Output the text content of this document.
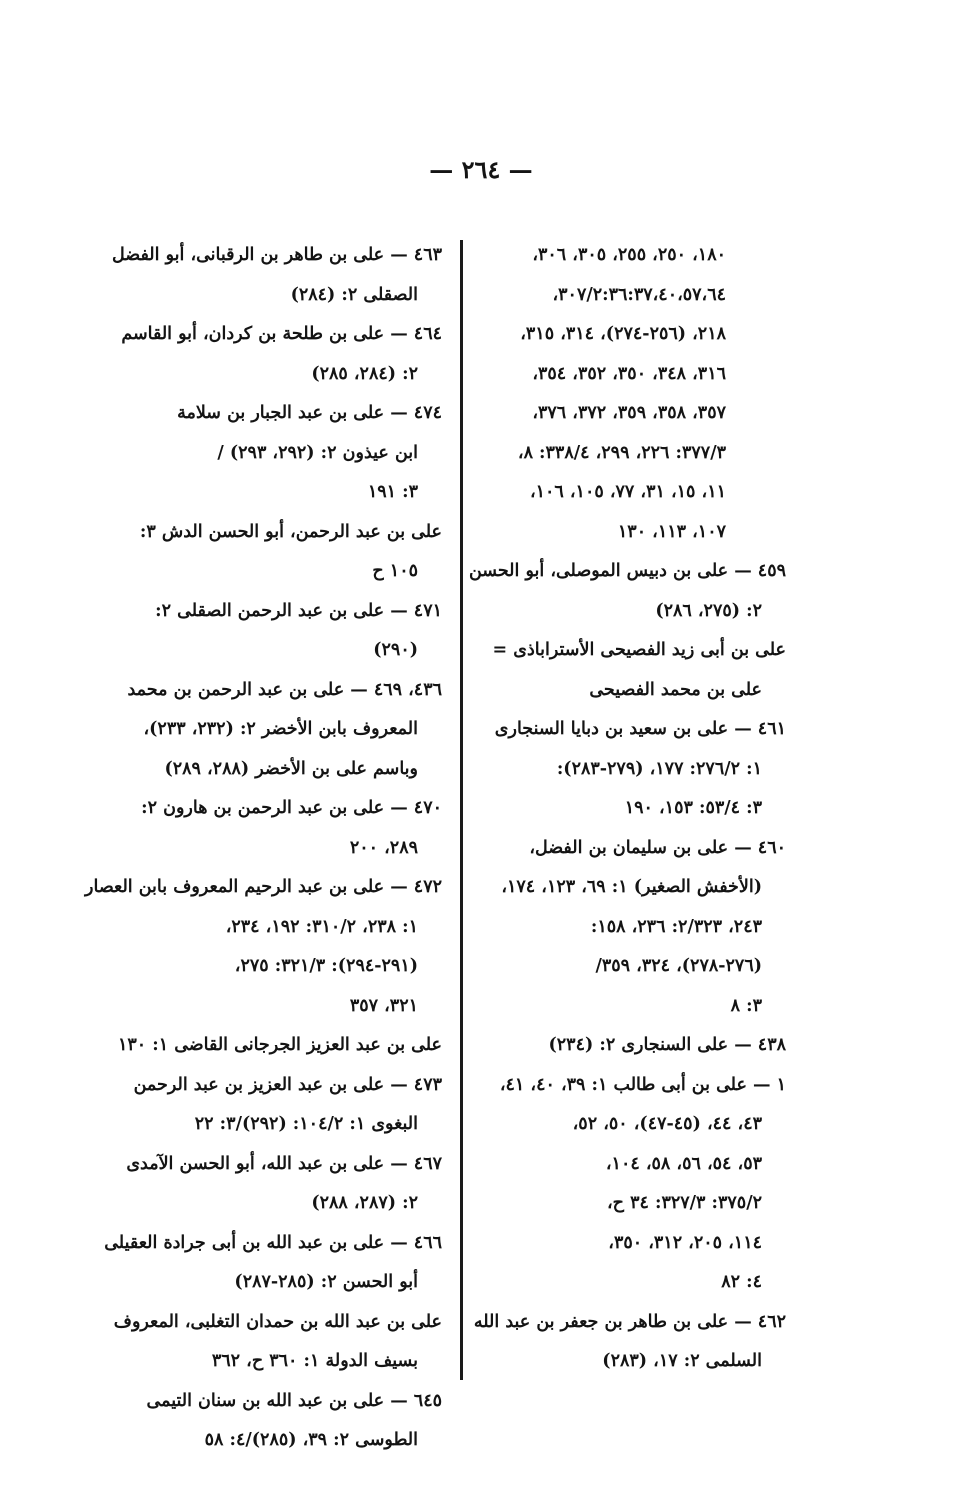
— ٢٦٤ —
١٨٠، ٢٥٠، ٢٥٥، ٣٠٥، ٣٠٦،
٣٠٧/٢:٣٦:٣٧،٤٠،٥٧،٦٤،
٢١٨، (٢٥٦-٢٧٤)، ٣١٤، ٣١٥،
٣١٦، ٣٤٨، ٣٥٠، ٣٥٢، ٣٥٤،
٣٥٧، ٣٥٨، ٣٥٩، ٣٧٢، ٣٧٦،
٣٧٧/٣: ٢٢٦، ٢٩٩، ٣٣٨/٤: ٨،
١١، ١٥، ٣١، ٧٧، ١٠٥، ١٠٦،
١٠٧، ١١٣، ١٣٠
٤٥٩ — على بن دبيس الموصلى، أبو الحسن
٢: (٢٧٥، ٢٨٦)
على بن أبى زيد الفصيحى الأستراباذى =
على بن محمد الفصيحى
٤٦١ — على بن سعيد بن دبايا السنجارى
١: ٢٧٦/٢: ١٧٧، (٢٧٩-٢٨٣):
٣: ٥٣/٤: ١٥٣، ١٩٠
٤٦٠ — على بن سليمان بن الفضل،
(الأخفش الصغير) ١: ٦٩، ١٢٣، ١٧٤،
٢٤٣، ٢/٣٢٣: ٢٣٦، ١٥٨:
(٢٧٦-٢٧٨)، ٣٢٤، ٣٥٩/
٣: ٨
٤٣٨ — على السنجارى ٢: (٢٣٤)
١ — على بن أبى طالب ١: ٣٩، ٤٠، ٤١،
٤٣، ٤٤، (٤٥-٤٧)، ٥٠، ٥٢،
٥٣، ٥٤، ٥٦، ٥٨، ١٠٤،
٣٧٥/٢: ٣٢٧/٣: ٣٤ ح،
١١٤، ٢٠٥، ٣١٢، ٣٥٠،
٤: ٨٢
٤٦٢ — على بن طاهر بن جعفر بن عبد الله
السلمى ٢: ١٧، (٢٨٣)
٤٦٣ — على بن طاهر بن الرقبانى، أبو الفضل
الصقلى ٢: (٢٨٤)
٤٦٤ — على بن طلحة بن كردان، أبو القاسم
٢: (٢٨٤، ٢٨٥)
٤٧٤ — على بن عبد الجبار بن سلامة
ابن عيذون ٢: (٢٩٢، ٢٩٣) /
٣: ١٩١
على بن عبد الرحمن، أبو الحسن الدش ٣:
١٠٥ ح
٤٧١ — على بن عبد الرحمن الصقلى ٢:
(٢٩٠)
٤٣٦، ٤٦٩ — على بن عبد الرحمن بن محمد
المعروف بابن الأخضر ٢: (٢٣٢، ٢٣٣)،
وباسم على بن الأخضر (٢٨٨، ٢٨٩)
٤٧٠ — على بن عبد الرحمن بن هارون ٢:
٢٨٩، ٢٠٠
٤٧٢ — على بن عبد الرحيم المعروف بابن العصار
١: ٢٣٨، ٣١٠/٢: ١٩٢، ٢٣٤،
(٢٩١-٢٩٤): ٣٢١/٣: ٢٧٥،
٣٢١، ٣٥٧
على بن عبد العزيز الجرجانى القاضى ١: ١٣٠
٤٧٣ — على بن عبد العزيز بن عبد الرحمن
البغوى ١: ١٠٤/٢: (٢٩٢)/٣: ٢٢
٤٦٧ — على بن عبد الله، أبو الحسن الآمدى
٢: (٢٨٧، ٢٨٨)
٤٦٦ — على بن عبد الله بن أبى جرادة العقيلى
أبو الحسن ٢: (٢٨٥-٢٨٧)
على بن عبد الله بن حمدان التغلبى، المعروف
بسيف الدولة ١: ٣٦٠ ح، ٣٦٢
٦٤٥ — على بن عبد الله بن سنان التيمى
الطوسى ٢: ٣٩، (٢٨٥)/٤: ٥٨
